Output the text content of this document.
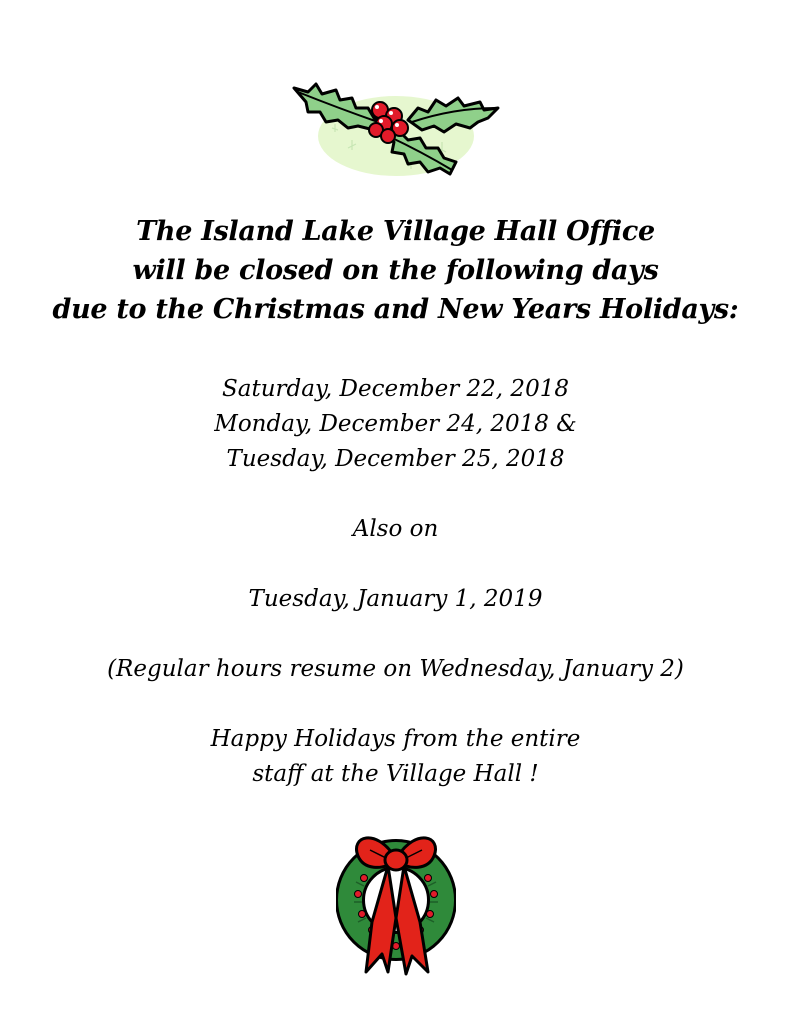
The Island Lake Village Hall Office
will be closed on the following days
due to the Christmas and New Years Holidays:
Saturday, December 22, 2018
Monday, December 24, 2018 &
Tuesday, December 25, 2018
Also on
Tuesday, January 1, 2019
(Regular hours resume on Wednesday, January 2)
Happy Holidays from the entire
staff at the Village Hall !
